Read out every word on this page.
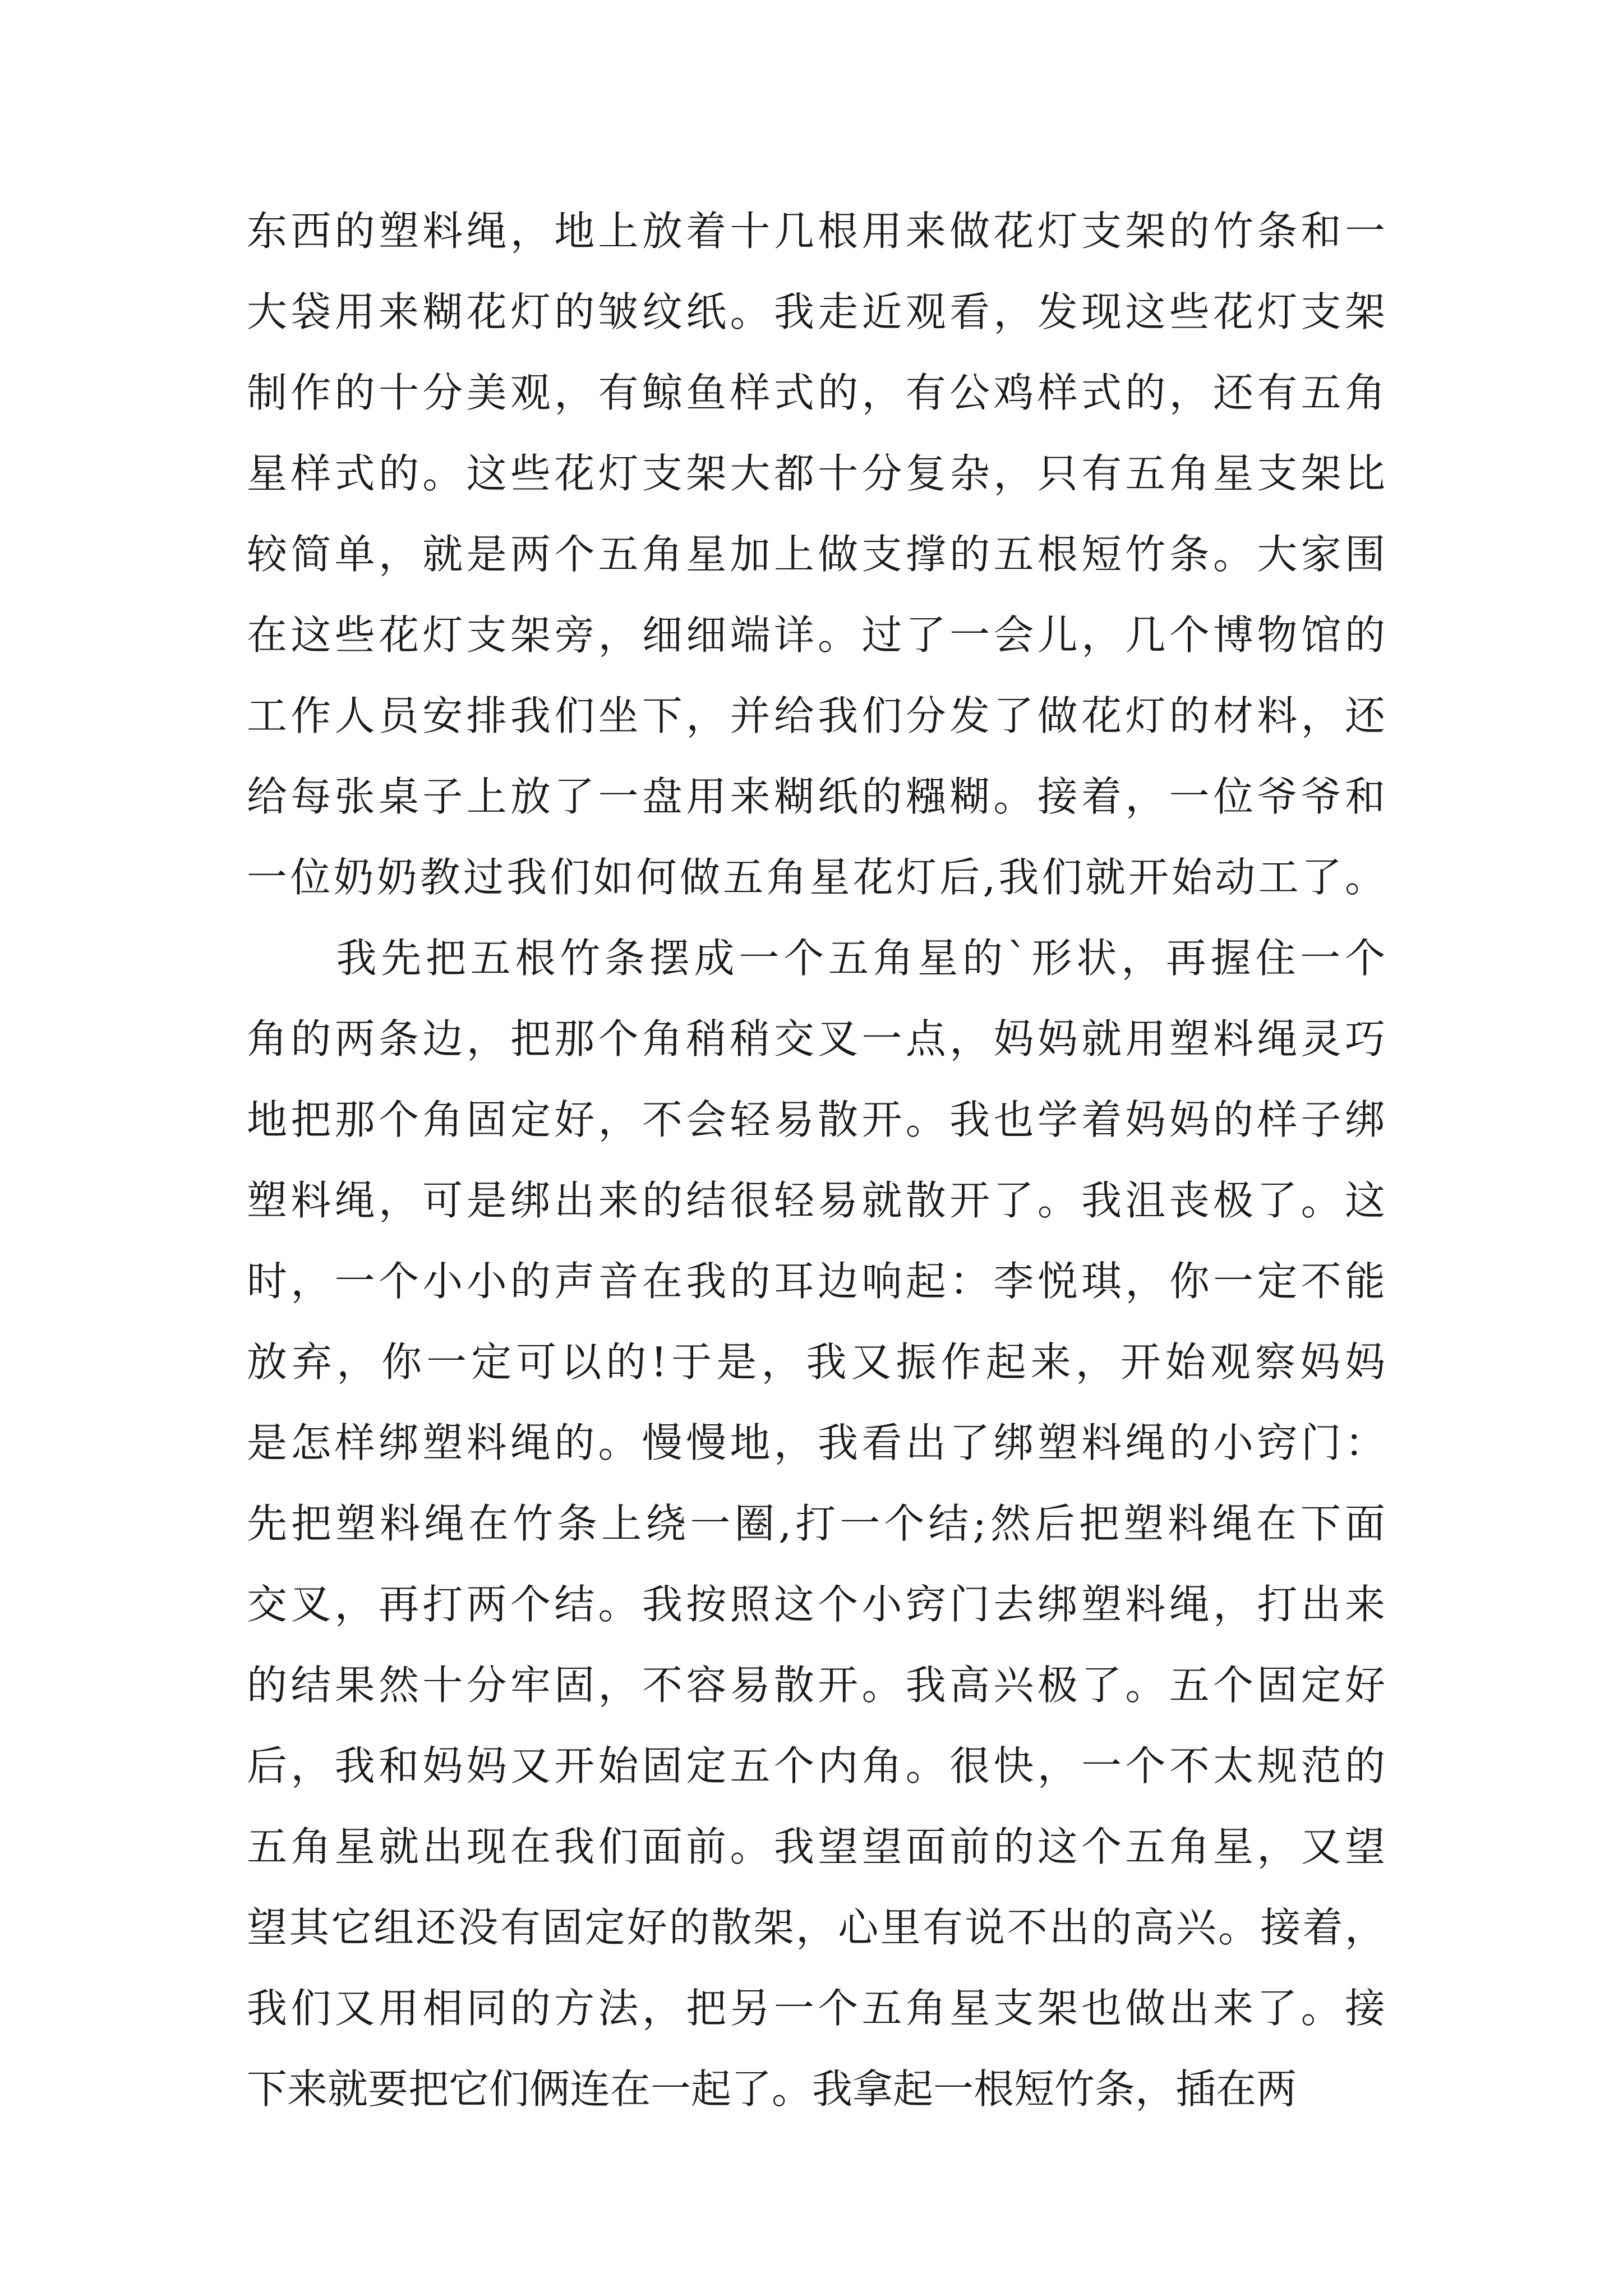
东西的塑料绳，地上放着十几根用来做花灯支架的竹条和一
大袋用来糊花灯的皱纹纸。我走近观看，发现这些花灯支架
制作的十分美观，有鲸鱼样式的，有公鸡样式的，还有五角
星样式的。这些花灯支架大都十分复杂，只有五角星支架比
较简单，就是两个五角星加上做支撑的五根短竹条。大家围
在这些花灯支架旁，细细端详。过了一会儿，几个博物馆的
工作人员安排我们坐下，并给我们分发了做花灯的材料，还
给每张桌子上放了一盘用来糊纸的糨糊。接着，一位爷爷和
一位奶奶教过我们如何做五角星花灯后,我们就开始动工了。
　　我先把五根竹条摆成一个五角星的`形状，再握住一个
角的两条边，把那个角稍稍交叉一点，妈妈就用塑料绳灵巧
地把那个角固定好，不会轻易散开。我也学着妈妈的样子绑
塑料绳，可是绑出来的结很轻易就散开了。我沮丧极了。这
时，一个小小的声音在我的耳边响起：李悦琪，你一定不能
放弃，你一定可以的!于是，我又振作起来，开始观察妈妈
是怎样绑塑料绳的。慢慢地，我看出了绑塑料绳的小窍门：
先把塑料绳在竹条上绕一圈,打一个结;然后把塑料绳在下面
交叉，再打两个结。我按照这个小窍门去绑塑料绳，打出来
的结果然十分牢固，不容易散开。我高兴极了。五个固定好
后，我和妈妈又开始固定五个内角。很快，一个不太规范的
五角星就出现在我们面前。我望望面前的这个五角星，又望
望其它组还没有固定好的散架，心里有说不出的高兴。接着，
我们又用相同的方法，把另一个五角星支架也做出来了。接
下来就要把它们俩连在一起了。我拿起一根短竹条，插在两
